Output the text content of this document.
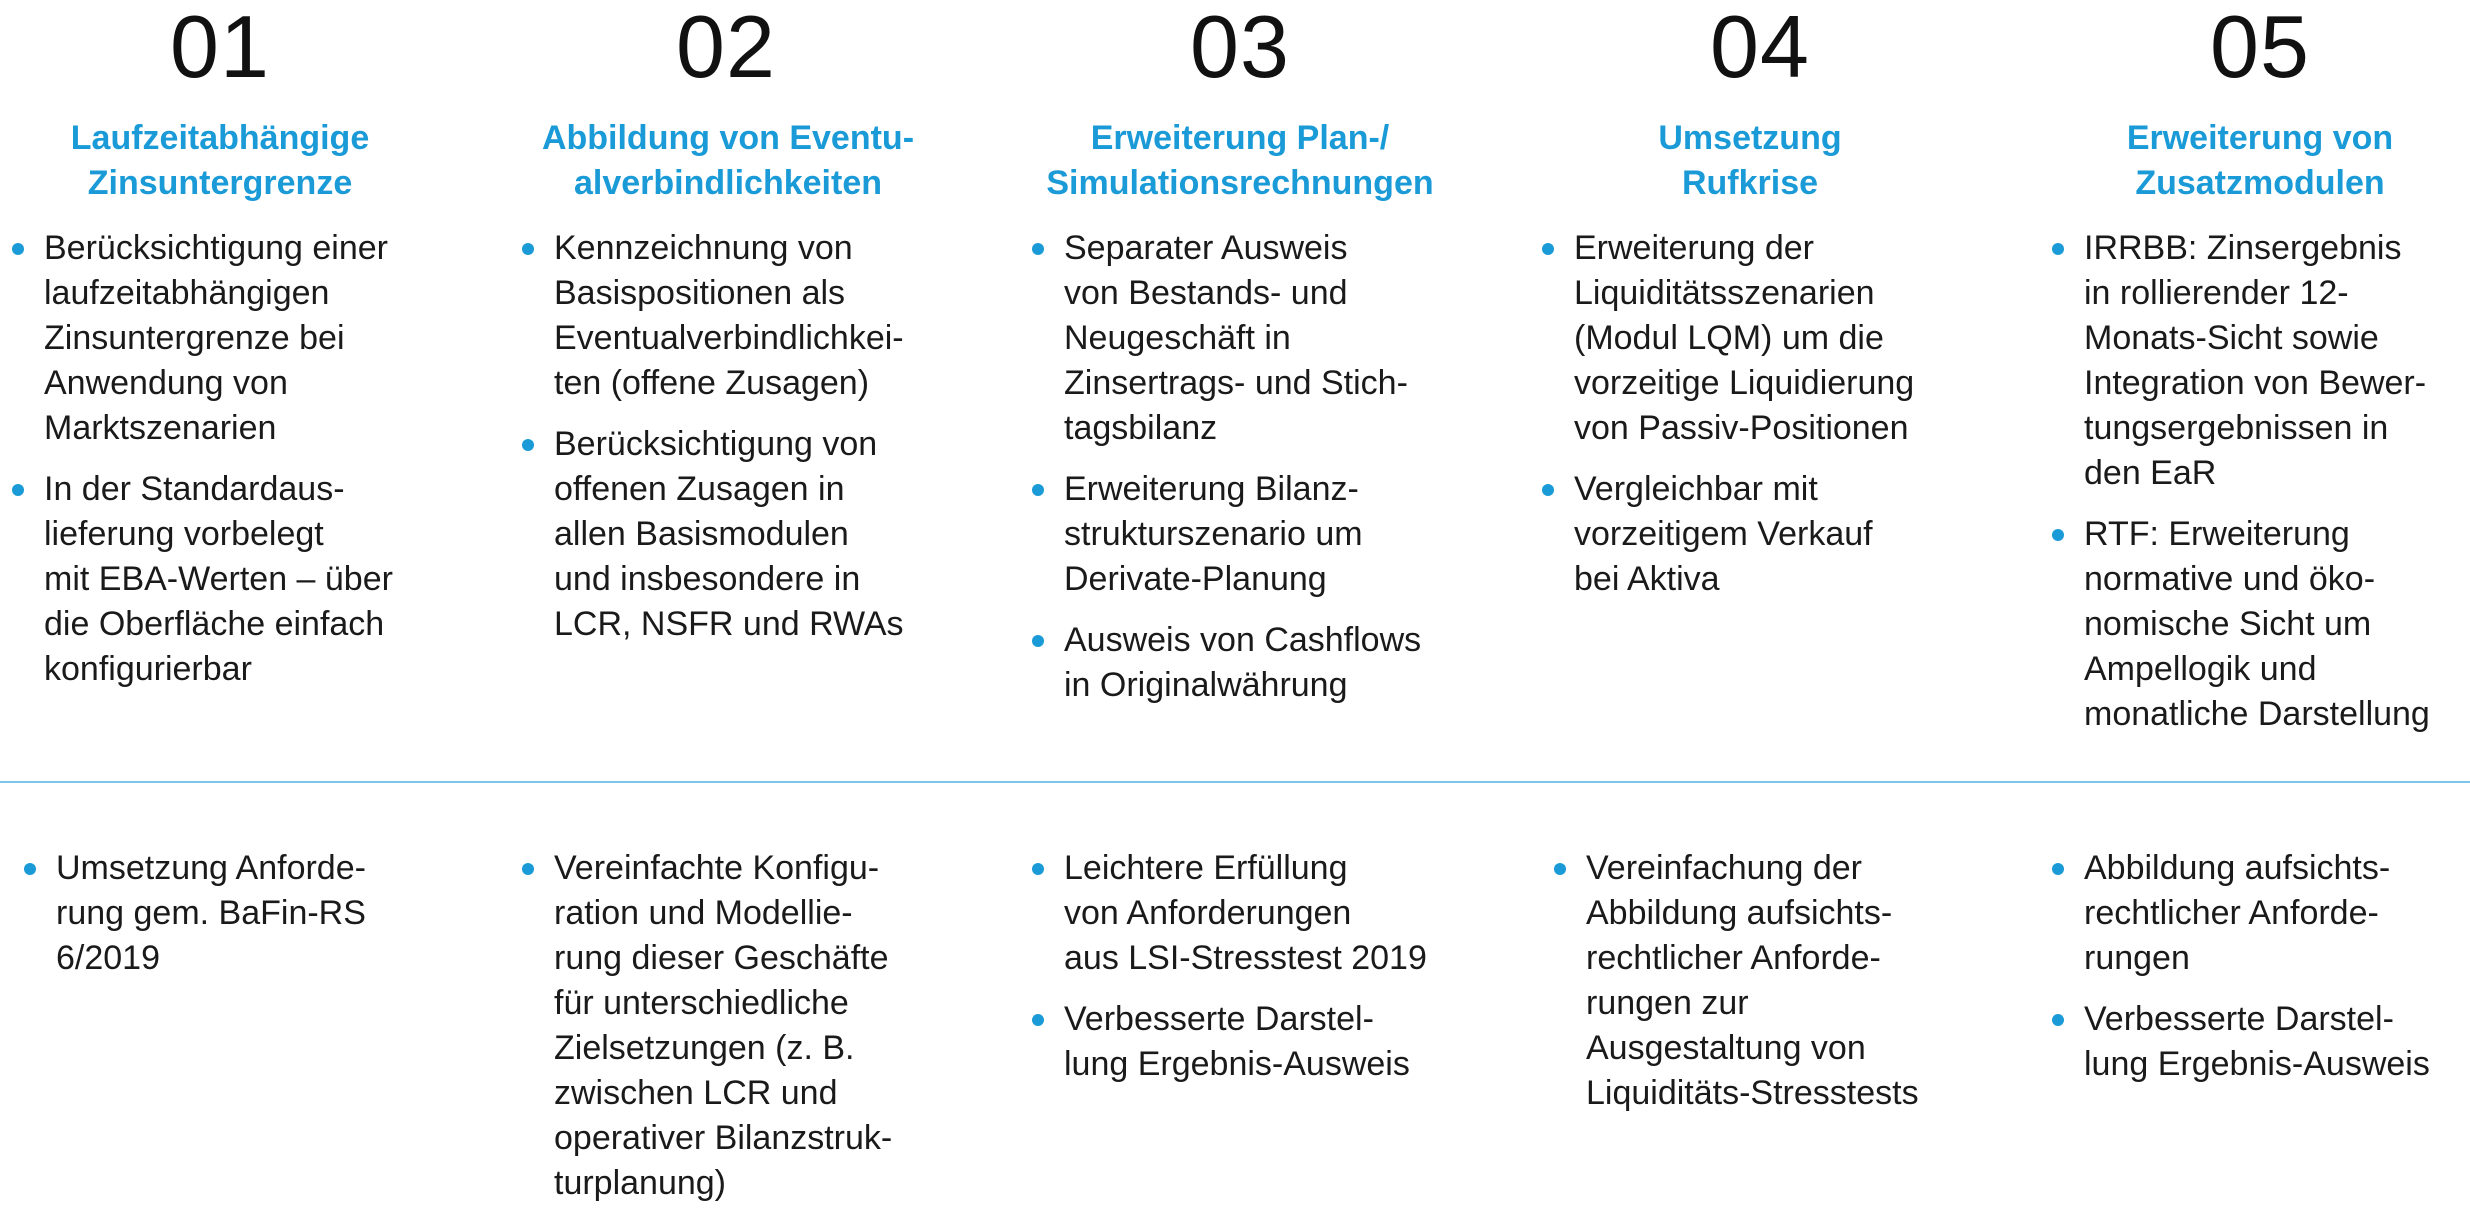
01
Laufzeitabhängige
Zinsuntergrenze
Berücksichtigung einer
laufzeitabhängigen
Zinsuntergrenze bei
Anwendung von
Marktszenarien
In der Standardaus-
lieferung vorbelegt
mit EBA-Werten – über
die Oberfläche einfach
konfigurierbar
Umsetzung Anforde-
rung gem. BaFin-RS
6/2019
02
Abbildung von Eventu-
alverbindlichkeiten
Kennzeichnung von
Basispositionen als
Eventualverbindlichkei-
ten (offene Zusagen)
Berücksichtigung von
offenen Zusagen in
allen Basismodulen
und insbesondere in
LCR, NSFR und RWAs
Vereinfachte Konfigu-
ration und Modellie-
rung dieser Geschäfte
für unterschiedliche
Zielsetzungen (z. B.
zwischen LCR und
operativer Bilanzstruk-
turplanung)
03
Erweiterung Plan-/
Simulationsrechnungen
Separater Ausweis
von Bestands- und
Neugeschäft in
Zinsertrags- und Stich-
tagsbilanz
Erweiterung Bilanz-
strukturszenario um
Derivate-Planung
Ausweis von Cashflows
in Originalwährung
Leichtere Erfüllung
von Anforderungen
aus LSI-Stresstest 2019
Verbesserte Darstel-
lung Ergebnis-Ausweis
04
Umsetzung
Rufkrise
Erweiterung der
Liquiditätsszenarien
(Modul LQM) um die
vorzeitige Liquidierung
von Passiv-Positionen
Vergleichbar mit
vorzeitigem Verkauf
bei Aktiva
Vereinfachung der
Abbildung aufsichts-
rechtlicher Anforde-
rungen zur
Ausgestaltung von
Liquiditäts-Stresstests
05
Erweiterung von
Zusatzmodulen
IRRBB: Zinsergebnis
in rollierender 12-
Monats-Sicht sowie
Integration von Bewer-
tungsergebnissen in
den EaR
RTF: Erweiterung
normative und öko-
nomische Sicht um
Ampellogik und
monatliche Darstellung
Abbildung aufsichts-
rechtlicher Anforde-
rungen
Verbesserte Darstel-
lung Ergebnis-Ausweis
